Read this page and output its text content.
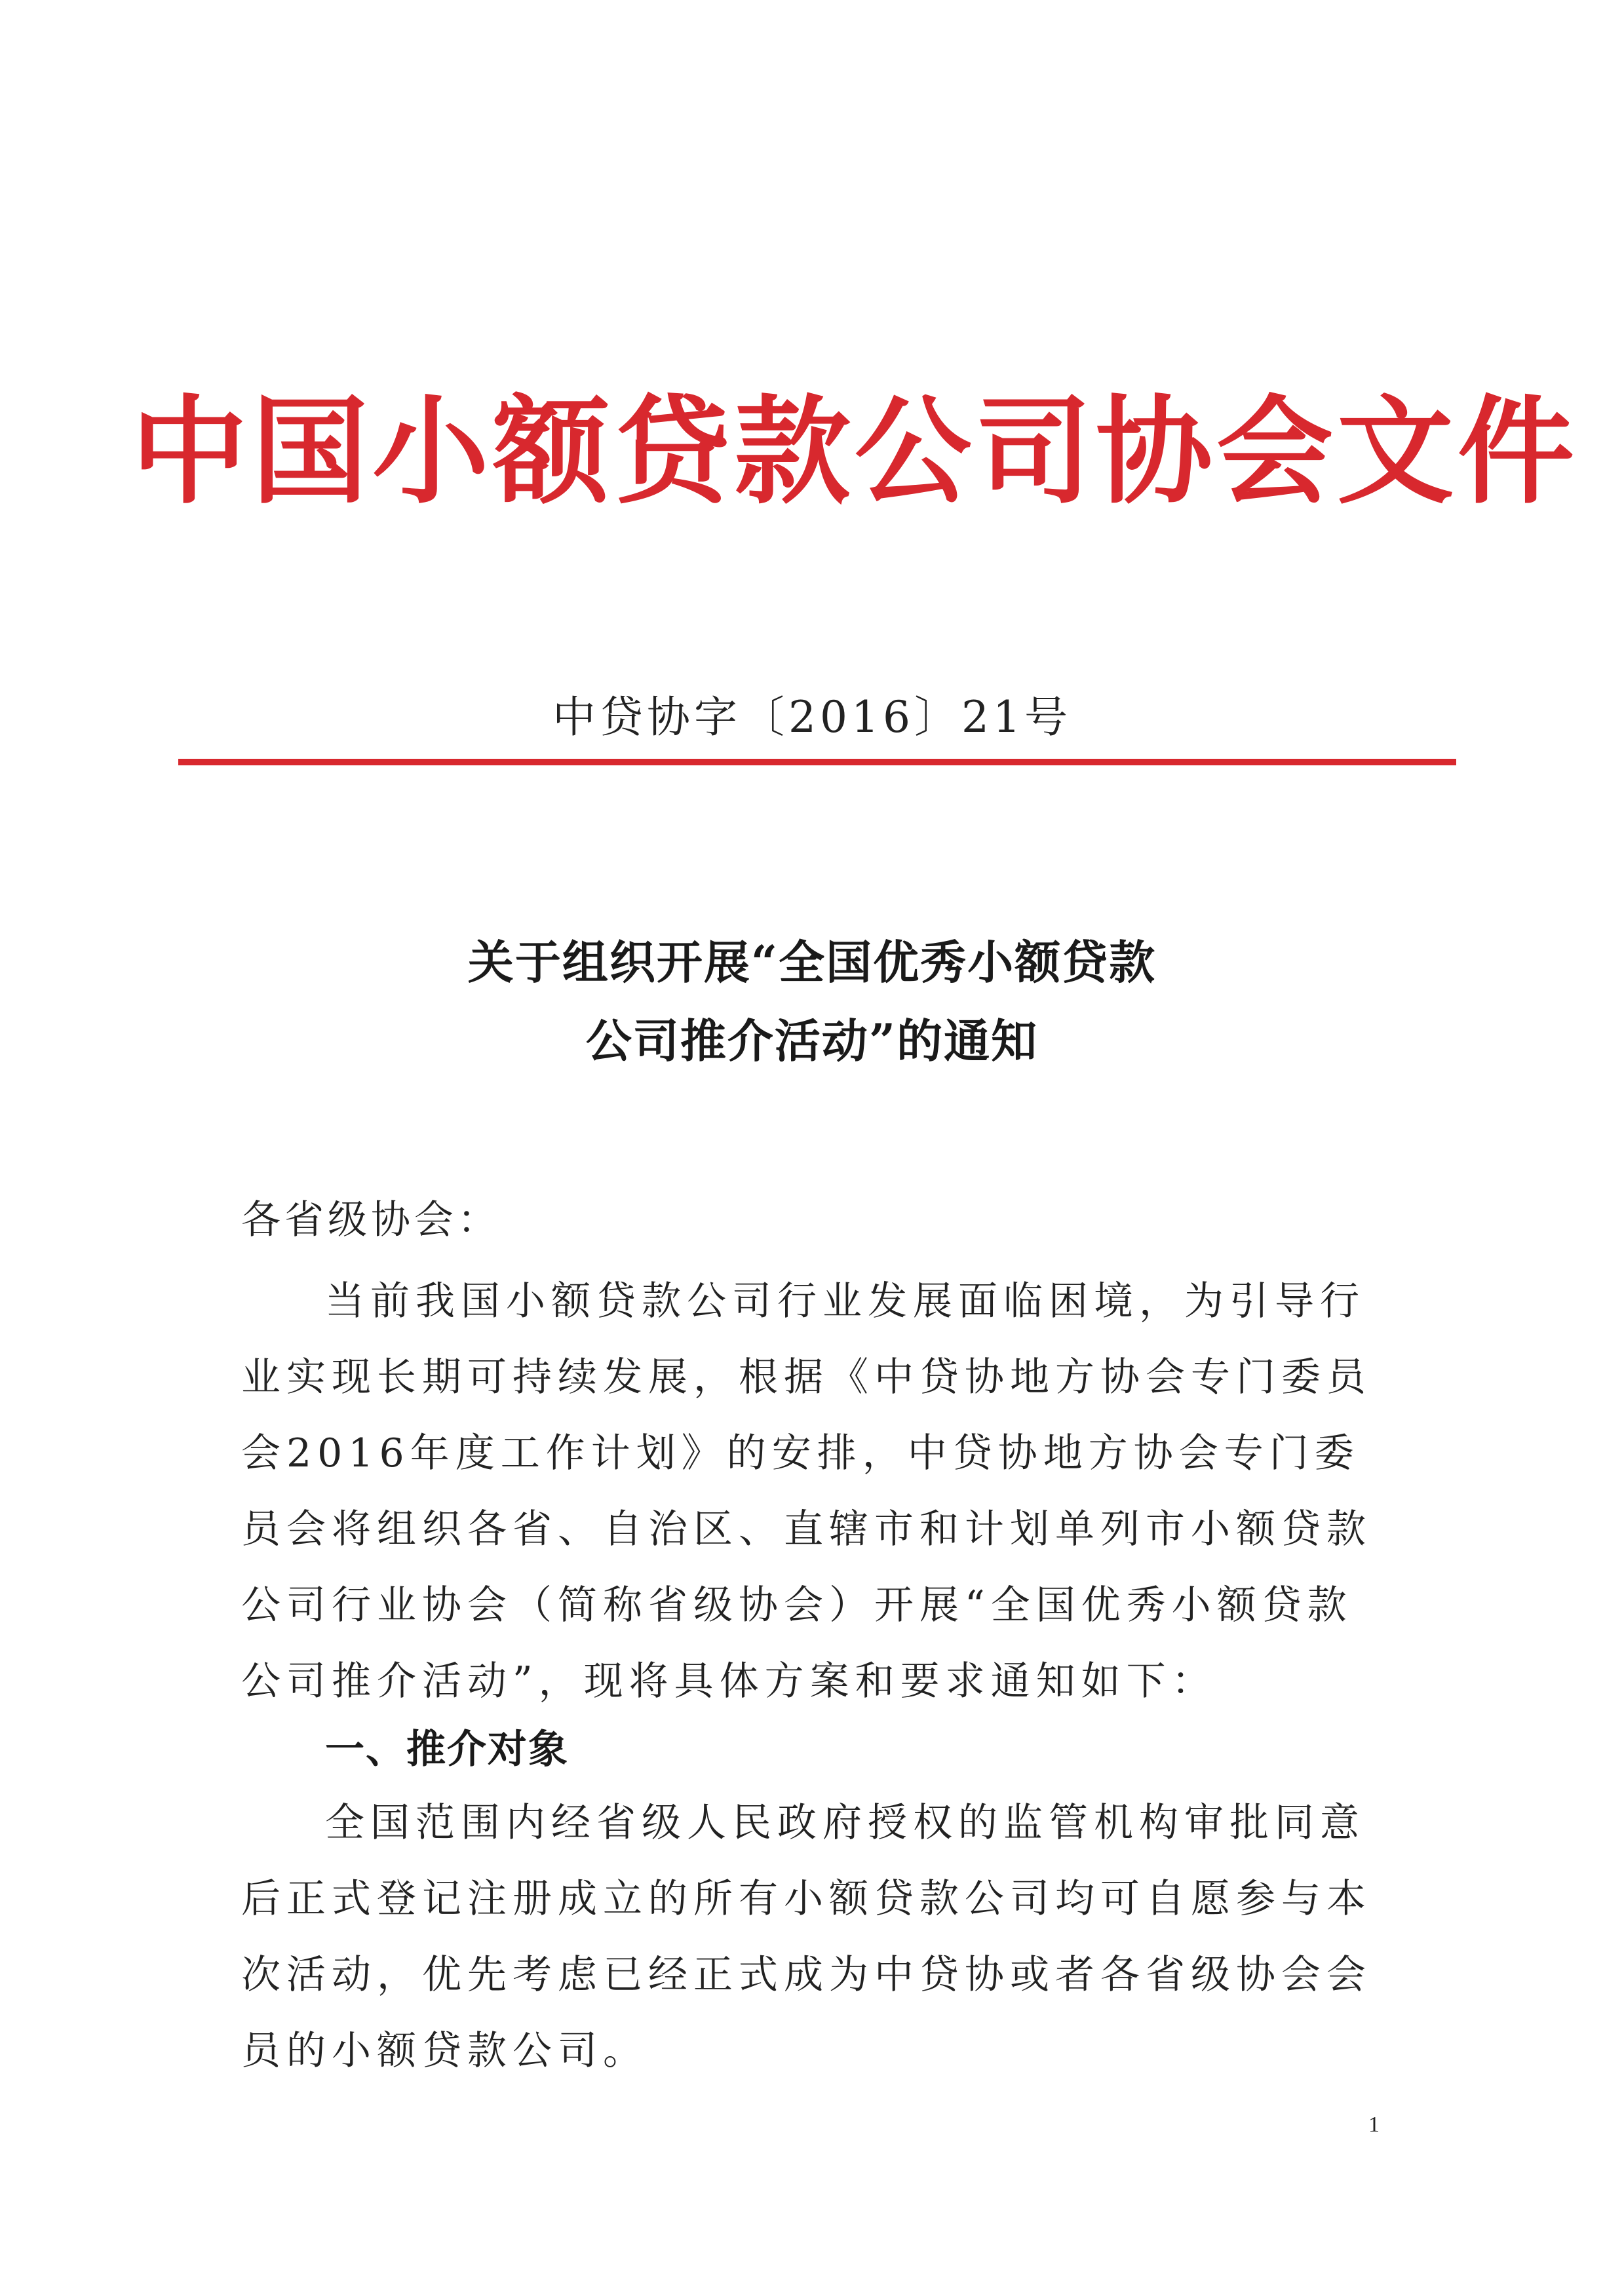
中国小额贷款公司协会文件
中贷协字〔2016〕21号
关于组织开展“全国优秀小额贷款
公司推介活动”的通知
各省级协会：
当前我国小额贷款公司行业发展面临困境，为引导行业实现长期可持续发展，根据《中贷协地方协会专门委员会2016年度工作计划》的安排，中贷协地方协会专门委员会将组织各省、自治区、直辖市和计划单列市小额贷款公司行业协会（简称省级协会）开展“全国优秀小额贷款公司推介活动”，现将具体方案和要求通知如下：
一、推介对象
全国范围内经省级人民政府授权的监管机构审批同意后正式登记注册成立的所有小额贷款公司均可自愿参与本次活动，优先考虑已经正式成为中贷协或者各省级协会会员的小额贷款公司。
1
